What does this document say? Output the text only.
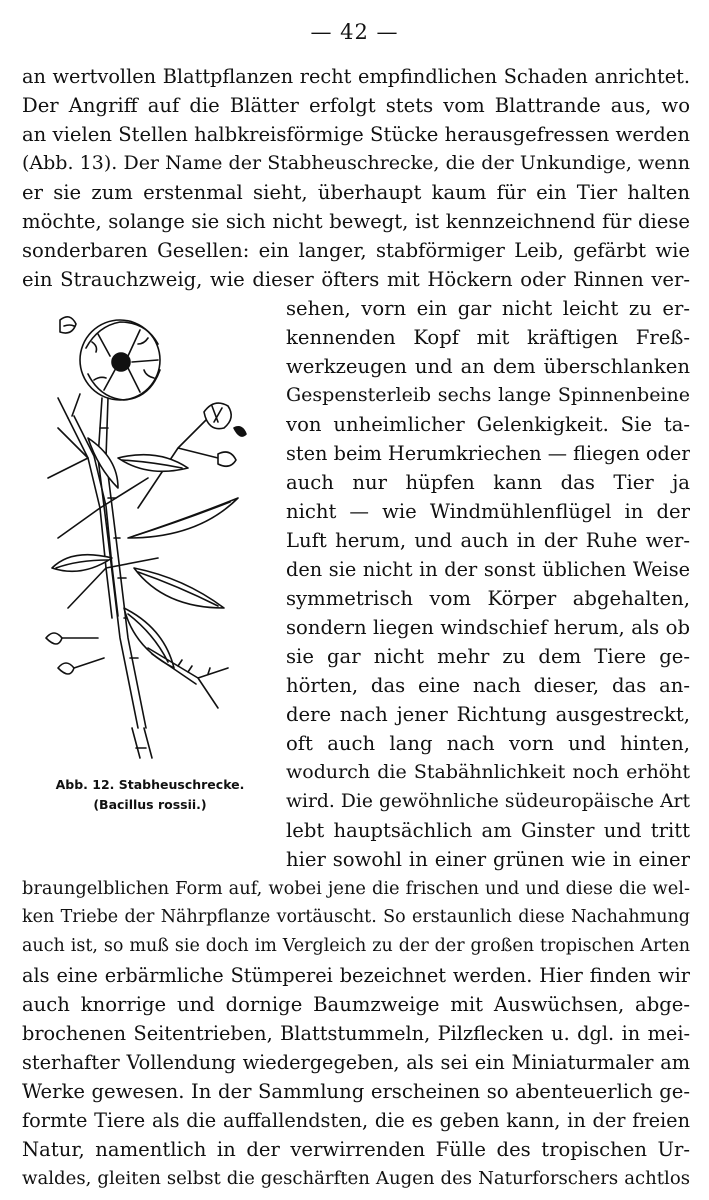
— 42 —
an wertvollen Blattpflanzen recht empfindlichen Schaden anrichtet.
Der Angriff auf die Blätter erfolgt stets vom Blattrande aus, wo
an vielen Stellen halbkreisförmige Stücke herausgefressen werden
(Abb. 13). Der Name der Stabheuschrecke, die der Unkundige, wenn
er sie zum erstenmal sieht, überhaupt kaum für ein Tier halten
möchte, solange sie sich nicht bewegt, ist kennzeichnend für diese
sonderbaren Gesellen: ein langer, stabförmiger Leib, gefärbt wie
ein Strauchzweig, wie dieser öfters mit Höckern oder Rinnen ver-
Abb. 12. Stabheuschrecke.
(Bacillus rossii.)
sehen, vorn ein gar nicht leicht zu er-
kennenden Kopf mit kräftigen Freß-
werkzeugen und an dem überschlanken
Gespensterleib sechs lange Spinnenbeine
von unheimlicher Gelenkigkeit. Sie ta-
sten beim Herumkriechen — fliegen oder
auch nur hüpfen kann das Tier ja
nicht — wie Windmühlenflügel in der
Luft herum, und auch in der Ruhe wer-
den sie nicht in der sonst üblichen Weise
symmetrisch vom Körper abgehalten,
sondern liegen windschief herum, als ob
sie gar nicht mehr zu dem Tiere ge-
hörten, das eine nach dieser, das an-
dere nach jener Richtung ausgestreckt,
oft auch lang nach vorn und hinten,
wodurch die Stabähnlichkeit noch erhöht
wird. Die gewöhnliche südeuropäische Art
lebt hauptsächlich am Ginster und tritt
hier sowohl in einer grünen wie in einer
braungelblichen Form auf, wobei jene die frischen und und diese die wel-
ken Triebe der Nährpflanze vortäuscht. So erstaunlich diese Nachahmung
auch ist, so muß sie doch im Vergleich zu der der großen tropischen Arten
als eine erbärmliche Stümperei bezeichnet werden. Hier finden wir
auch knorrige und dornige Baumzweige mit Auswüchsen, abge-
brochenen Seitentrieben, Blattstummeln, Pilzflecken u. dgl. in mei-
sterhafter Vollendung wiedergegeben, als sei ein Miniaturmaler am
Werke gewesen. In der Sammlung erscheinen so abenteuerlich ge-
formte Tiere als die auffallendsten, die es geben kann, in der freien
Natur, namentlich in der verwirrenden Fülle des tropischen Ur-
waldes, gleiten selbst die geschärften Augen des Naturforschers achtlos
